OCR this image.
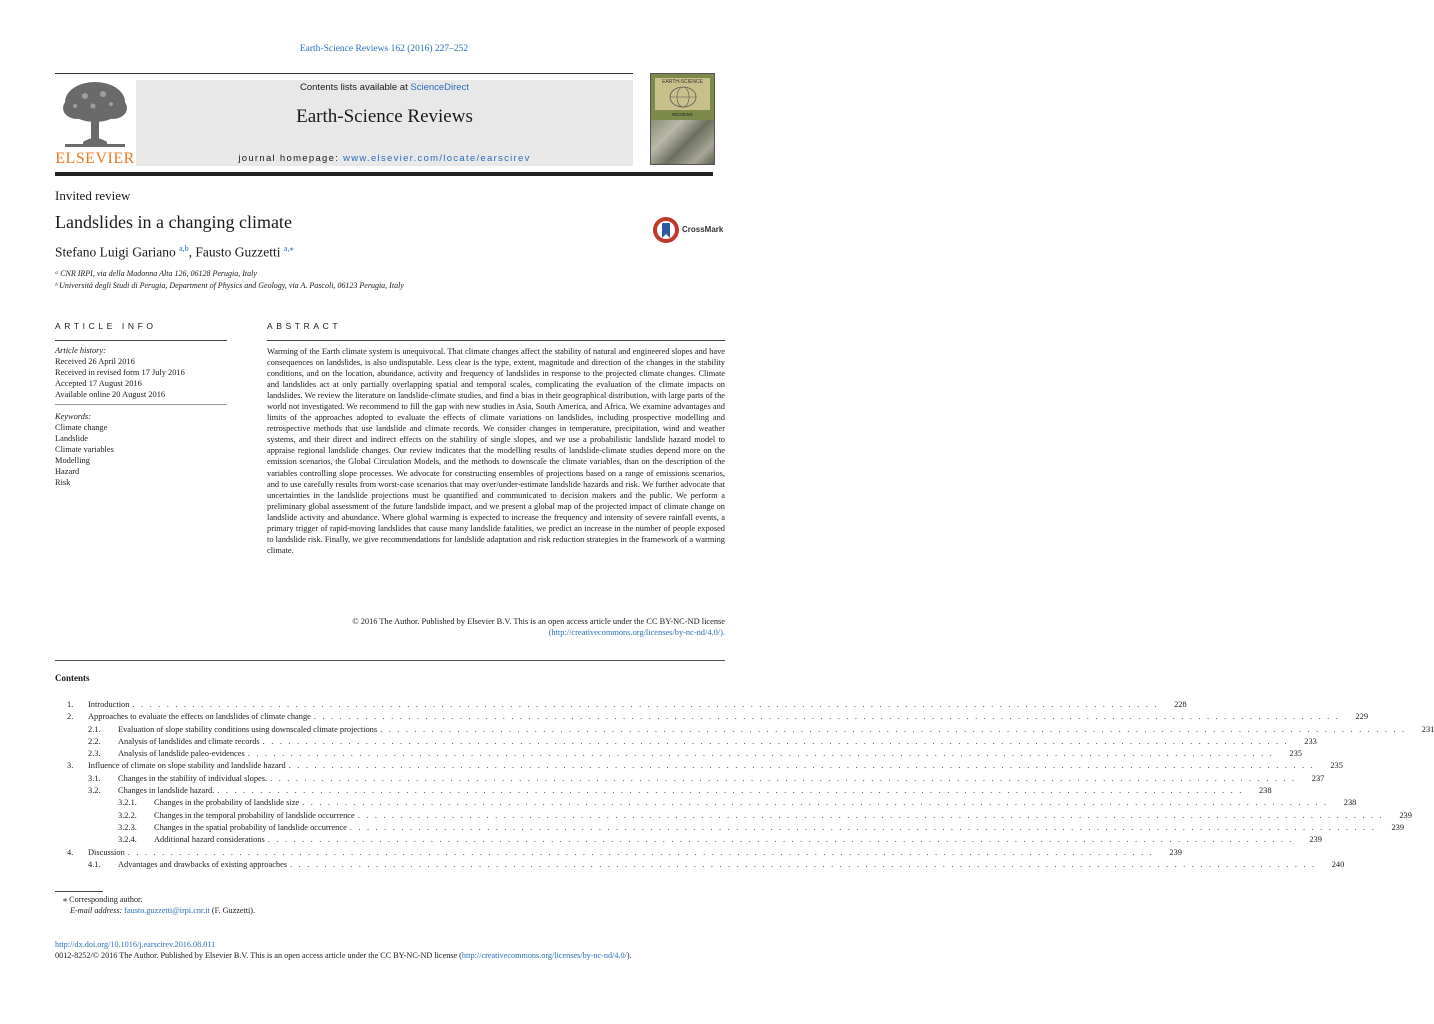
Earth-Science Reviews 162 (2016) 227–252
ELSEVIER
Contents lists available at ScienceDirect
Earth-Science Reviews
journal homepage: www.elsevier.com/locate/earscirev
EARTH-SCIENCE
REVIEWS
Invited review
Landslides in a changing climate	CrossMark
Stefano Luigi Gariano $^{a,b}$, Fausto Guzzetti $^{a,⁎}$
ᵃ CNR IRPI, via della Madonna Alta 126, 06128 Perugia, Italy
ᵇ Università degli Studi di Perugia, Department of Physics and Geology, via A. Pascoli, 06123 Perugia, Italy
ARTICLE INFO
Article history:
Received 26 April 2016
Received in revised form 17 July 2016
Accepted 17 August 2016
Available online 20 August 2016
Keywords:
Climate change
Landslide
Climate variables
Modelling
Hazard
Risk
ABSTRACT
Warming of the Earth climate system is unequivocal. That climate changes affect the stability of natural and engineered slopes and have consequences on landslides, is also undisputable. Less clear is the type, extent, magnitude and direction of the changes in the stability conditions, and on the location, abundance, activity and frequency of landslides in response to the projected climate changes. Climate and landslides act at only partially overlapping spatial and temporal scales, complicating the evaluation of the climate impacts on landslides. We review the literature on landslide-climate studies, and find a bias in their geographical distribution, with large parts of the world not investigated. We recommend to fill the gap with new studies in Asia, South America, and Africa. We examine advantages and limits of the approaches adopted to evaluate the effects of climate variations on landslides, including prospective modelling and retrospective methods that use landslide and climate records. We consider changes in temperature, precipitation, wind and weather systems, and their direct and indirect effects on the stability of single slopes, and we use a probabilistic landslide hazard model to appraise regional landslide changes. Our review indicates that the modelling results of landslide-climate studies depend more on the emission scenarios, the Global Circulation Models, and the methods to downscale the climate variables, than on the description of the variables controlling slope processes. We advocate for constructing ensembles of projections based on a range of emissions scenarios, and to use carefully results from worst-case scenarios that may over/under-estimate landslide hazards and risk. We further advocate that uncertainties in the landslide projections must be quantified and communicated to decision makers and the public. We perform a preliminary global assessment of the future landslide impact, and we present a global map of the projected impact of climate change on landslide activity and abundance. Where global warming is expected to increase the frequency and intensity of severe rainfall events, a primary trigger of rapid-moving landslides that cause many landslide fatalities, we predict an increase in the number of people exposed to landslide risk. Finally, we give recommendations for landslide adaptation and risk reduction strategies in the framework of a warming climate.
© 2016 The Author. Published by Elsevier B.V. This is an open access article under the CC BY-NC-ND license
(http://creativecommons.org/licenses/by-nc-nd/4.0/).
Contents
1.	Introduction . . . . . . . . . . . . . . . . . . . . . . . . . . . . . . . . . . . . . . . . . . . . . . . . . . . . . . . . . . . . . . . . . . . . . . . . . . . . . . . . . . . . . . . . . . . . . . . . . . . . . . . . . . . . . . . . . . . . . . . .	228
2.	Approaches to evaluate the effects on landslides of climate change . . . . . . . . . . . . . . . . . . . . . . . . . . . . . . . . . . . . . . . . . . . . . . . . . . . . . . . . . . . . . . . . . . . . . . . . . . . . . . . . . . . . . . . . . . . . . . . . . . . . . . . . . . . . . . . . . . . . . . . .	229
2.1.	Evaluation of slope stability conditions using downscaled climate projections . . . . . . . . . . . . . . . . . . . . . . . . . . . . . . . . . . . . . . . . . . . . . . . . . . . . . . . . . . . . . . . . . . . . . . . . . . . . . . . . . . . . . . . . . . . . . . . . . . . . . . . . . . . . . . . . . . . . . . . .	231
2.2.	Analysis of landslides and climate records . . . . . . . . . . . . . . . . . . . . . . . . . . . . . . . . . . . . . . . . . . . . . . . . . . . . . . . . . . . . . . . . . . . . . . . . . . . . . . . . . . . . . . . . . . . . . . . . . . . . . . . . . . . . . . . . . . . . . . . .	233
2.3.	Analysis of landslide paleo-evidences . . . . . . . . . . . . . . . . . . . . . . . . . . . . . . . . . . . . . . . . . . . . . . . . . . . . . . . . . . . . . . . . . . . . . . . . . . . . . . . . . . . . . . . . . . . . . . . . . . . . . . . . . . . . . . . . . . . . . . . .	235
3.	Influence of climate on slope stability and landslide hazard . . . . . . . . . . . . . . . . . . . . . . . . . . . . . . . . . . . . . . . . . . . . . . . . . . . . . . . . . . . . . . . . . . . . . . . . . . . . . . . . . . . . . . . . . . . . . . . . . . . . . . . . . . . . . . . . . . . . . . . .	235
3.1.	Changes in the stability of individual slopes. . . . . . . . . . . . . . . . . . . . . . . . . . . . . . . . . . . . . . . . . . . . . . . . . . . . . . . . . . . . . . . . . . . . . . . . . . . . . . . . . . . . . . . . . . . . . . . . . . . . . . . . . . . . . . . . . . . . . . . . .	237
3.2.	Changes in landslide hazard. . . . . . . . . . . . . . . . . . . . . . . . . . . . . . . . . . . . . . . . . . . . . . . . . . . . . . . . . . . . . . . . . . . . . . . . . . . . . . . . . . . . . . . . . . . . . . . . . . . . . . . . . . . . . . . . . . . . . . . . .	238
3.2.1.	Changes in the probability of landslide size . . . . . . . . . . . . . . . . . . . . . . . . . . . . . . . . . . . . . . . . . . . . . . . . . . . . . . . . . . . . . . . . . . . . . . . . . . . . . . . . . . . . . . . . . . . . . . . . . . . . . . . . . . . . . . . . . . . . . . . .	238
3.2.2.	Changes in the temporal probability of landslide occurrence . . . . . . . . . . . . . . . . . . . . . . . . . . . . . . . . . . . . . . . . . . . . . . . . . . . . . . . . . . . . . . . . . . . . . . . . . . . . . . . . . . . . . . . . . . . . . . . . . . . . . . . . . . . . . . . . . . . . . . . .	239
3.2.3.	Changes in the spatial probability of landslide occurrence . . . . . . . . . . . . . . . . . . . . . . . . . . . . . . . . . . . . . . . . . . . . . . . . . . . . . . . . . . . . . . . . . . . . . . . . . . . . . . . . . . . . . . . . . . . . . . . . . . . . . . . . . . . . . . . . . . . . . . . .	239
3.2.4.	Additional hazard considerations . . . . . . . . . . . . . . . . . . . . . . . . . . . . . . . . . . . . . . . . . . . . . . . . . . . . . . . . . . . . . . . . . . . . . . . . . . . . . . . . . . . . . . . . . . . . . . . . . . . . . . . . . . . . . . . . . . . . . . . .	239
4.	Discussion . . . . . . . . . . . . . . . . . . . . . . . . . . . . . . . . . . . . . . . . . . . . . . . . . . . . . . . . . . . . . . . . . . . . . . . . . . . . . . . . . . . . . . . . . . . . . . . . . . . . . . . . . . . . . . . . . . . . . . . .	239
4.1.	Advantages and drawbacks of existing approaches . . . . . . . . . . . . . . . . . . . . . . . . . . . . . . . . . . . . . . . . . . . . . . . . . . . . . . . . . . . . . . . . . . . . . . . . . . . . . . . . . . . . . . . . . . . . . . . . . . . . . . . . . . . . . . . . . . . . . . . .	240
⁎ Corresponding author.
E-mail address: fausto.guzzetti@irpi.cnr.it (F. Guzzetti).
http://dx.doi.org/10.1016/j.earscirev.2016.08.011
0012-8252/© 2016 The Author. Published by Elsevier B.V. This is an open access article under the CC BY-NC-ND license (http://creativecommons.org/licenses/by-nc-nd/4.0/).
